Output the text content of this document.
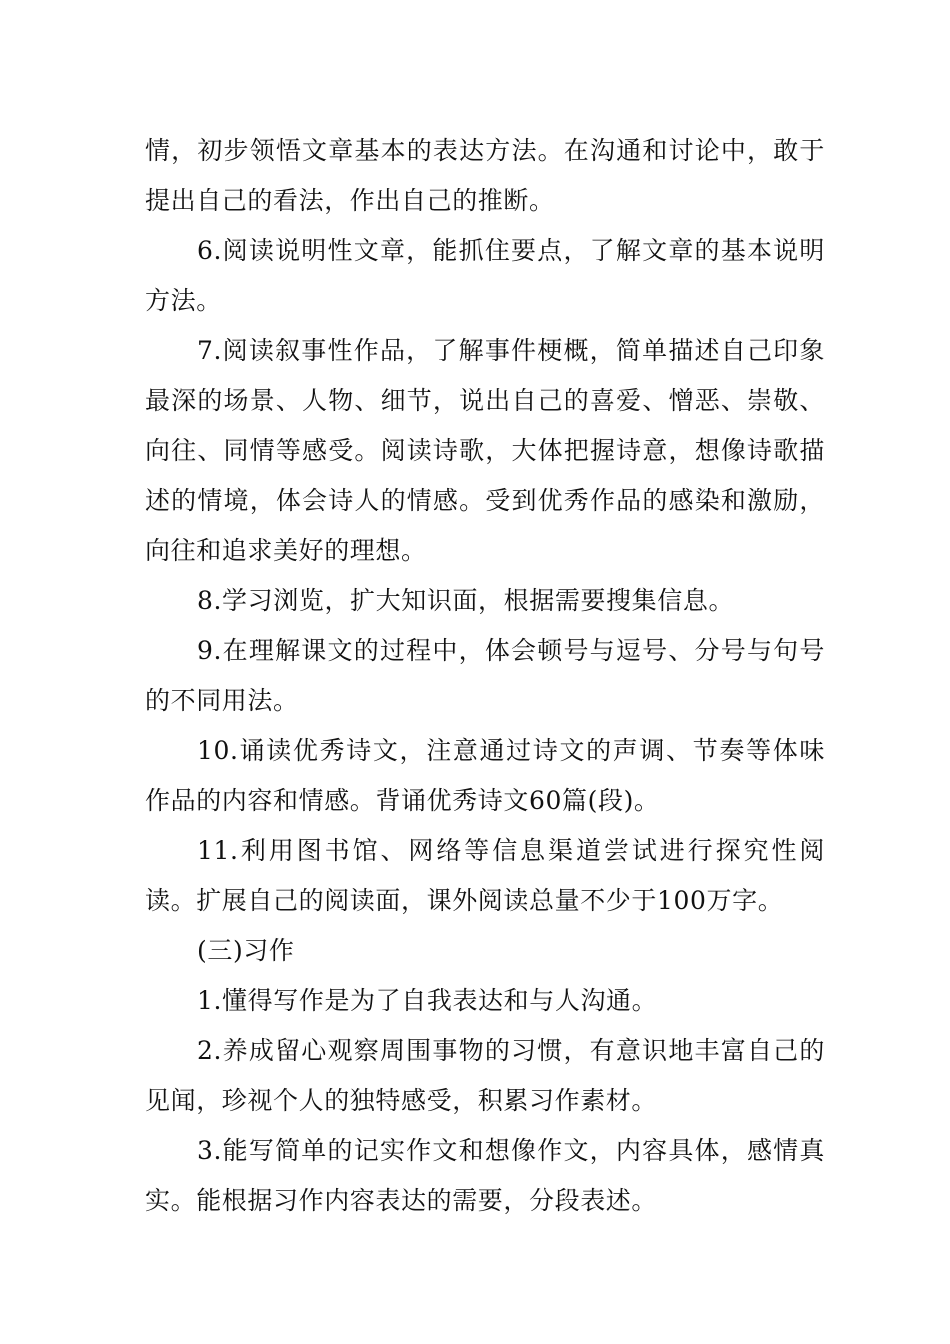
情，初步领悟文章基本的表达方法。在沟通和讨论中，敢于提出自己的看法，作出自己的推断。

6.阅读说明性文章，能抓住要点，了解文章的基本说明方法。

7.阅读叙事性作品，了解事件梗概，简单描述自己印象最深的场景、人物、细节，说出自己的喜爱、憎恶、崇敬、向往、同情等感受。阅读诗歌，大体把握诗意，想像诗歌描述的情境，体会诗人的情感。受到优秀作品的感染和激励，向往和追求美好的理想。

8.学习浏览，扩大知识面，根据需要搜集信息。

9.在理解课文的过程中，体会顿号与逗号、分号与句号的不同用法。

10.诵读优秀诗文，注意通过诗文的声调、节奏等体味作品的内容和情感。背诵优秀诗文60篇(段)。

11.利用图书馆、网络等信息渠道尝试进行探究性阅读。扩展自己的阅读面，课外阅读总量不少于100万字。

(三)习作

1.懂得写作是为了自我表达和与人沟通。

2.养成留心观察周围事物的习惯，有意识地丰富自己的见闻，珍视个人的独特感受，积累习作素材。

3.能写简单的记实作文和想像作文，内容具体，感情真实。能根据习作内容表达的需要，分段表述。
